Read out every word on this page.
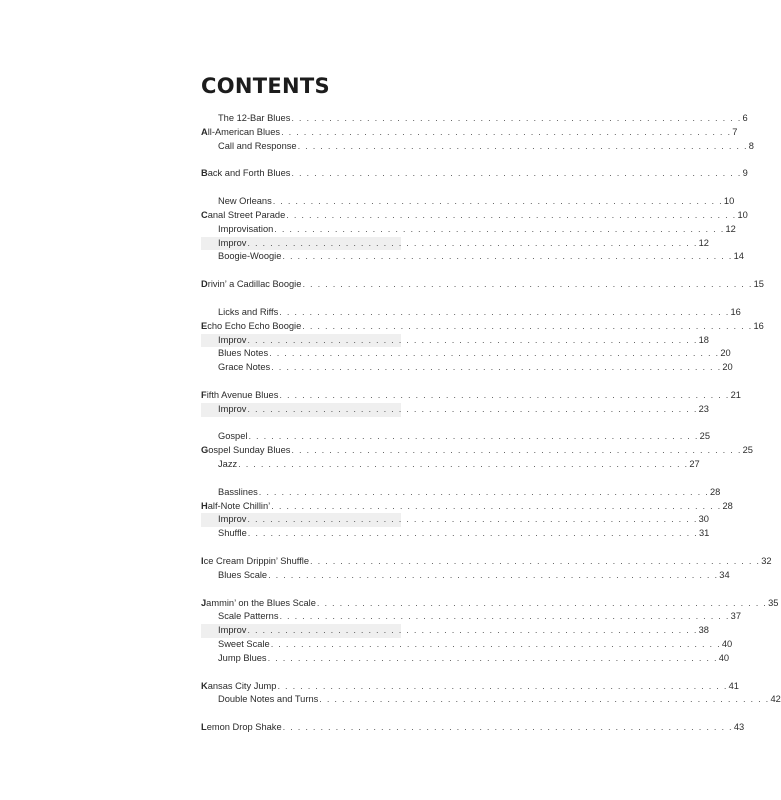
CONTENTS
The 12-Bar Blues . . . . . . . . . . . . . . . . . . . . . . . . . . . . . . . . . . . . . . . . . . . . . . . . . . . . . . . . . . . . 6
All-American Blues . . . . . . . . . . . . . . . . . . . . . . . . . . . . . . . . . . . . . . . . . . . . . . . . . . . . . . . . . . . . 7
Call and Response . . . . . . . . . . . . . . . . . . . . . . . . . . . . . . . . . . . . . . . . . . . . . . . . . . . . . . . . . . . . 8
Back and Forth Blues . . . . . . . . . . . . . . . . . . . . . . . . . . . . . . . . . . . . . . . . . . . . . . . . . . . . . . . . . . . . 9
New Orleans . . . . . . . . . . . . . . . . . . . . . . . . . . . . . . . . . . . . . . . . . . . . . . . . . . . . . . . . . . . . 10
Canal Street Parade . . . . . . . . . . . . . . . . . . . . . . . . . . . . . . . . . . . . . . . . . . . . . . . . . . . . . . . . . . . . 10
Improvisation . . . . . . . . . . . . . . . . . . . . . . . . . . . . . . . . . . . . . . . . . . . . . . . . . . . . . . . . . . . . 12
Improv . . . . . . . . . . . . . . . . . . . . . . . . . . . . . . . . . . . . . . . . . . . . . . . . . . . . . . . . . . . . 12
Boogie-Woogie . . . . . . . . . . . . . . . . . . . . . . . . . . . . . . . . . . . . . . . . . . . . . . . . . . . . . . . . . . . . 14
Drivin’ a Cadillac Boogie . . . . . . . . . . . . . . . . . . . . . . . . . . . . . . . . . . . . . . . . . . . . . . . . . . . . . . . . . . . . 15
Licks and Riffs . . . . . . . . . . . . . . . . . . . . . . . . . . . . . . . . . . . . . . . . . . . . . . . . . . . . . . . . . . . . 16
Echo Echo Echo Boogie . . . . . . . . . . . . . . . . . . . . . . . . . . . . . . . . . . . . . . . . . . . . . . . . . . . . . . . . . . . . 16
Improv . . . . . . . . . . . . . . . . . . . . . . . . . . . . . . . . . . . . . . . . . . . . . . . . . . . . . . . . . . . . 18
Blues Notes . . . . . . . . . . . . . . . . . . . . . . . . . . . . . . . . . . . . . . . . . . . . . . . . . . . . . . . . . . . . 20
Grace Notes . . . . . . . . . . . . . . . . . . . . . . . . . . . . . . . . . . . . . . . . . . . . . . . . . . . . . . . . . . . . 20
Fifth Avenue Blues . . . . . . . . . . . . . . . . . . . . . . . . . . . . . . . . . . . . . . . . . . . . . . . . . . . . . . . . . . . . 21
Improv . . . . . . . . . . . . . . . . . . . . . . . . . . . . . . . . . . . . . . . . . . . . . . . . . . . . . . . . . . . . 23
Gospel . . . . . . . . . . . . . . . . . . . . . . . . . . . . . . . . . . . . . . . . . . . . . . . . . . . . . . . . . . . . 25
Gospel Sunday Blues . . . . . . . . . . . . . . . . . . . . . . . . . . . . . . . . . . . . . . . . . . . . . . . . . . . . . . . . . . . . 25
Jazz . . . . . . . . . . . . . . . . . . . . . . . . . . . . . . . . . . . . . . . . . . . . . . . . . . . . . . . . . . . . 27
Basslines . . . . . . . . . . . . . . . . . . . . . . . . . . . . . . . . . . . . . . . . . . . . . . . . . . . . . . . . . . . . 28
Half-Note Chillin’ . . . . . . . . . . . . . . . . . . . . . . . . . . . . . . . . . . . . . . . . . . . . . . . . . . . . . . . . . . . . 28
Improv . . . . . . . . . . . . . . . . . . . . . . . . . . . . . . . . . . . . . . . . . . . . . . . . . . . . . . . . . . . . 30
Shuffle . . . . . . . . . . . . . . . . . . . . . . . . . . . . . . . . . . . . . . . . . . . . . . . . . . . . . . . . . . . . 31
Ice Cream Drippin’ Shuffle . . . . . . . . . . . . . . . . . . . . . . . . . . . . . . . . . . . . . . . . . . . . . . . . . . . . . . . . . . . . 32
Blues Scale . . . . . . . . . . . . . . . . . . . . . . . . . . . . . . . . . . . . . . . . . . . . . . . . . . . . . . . . . . . . 34
Jammin’ on the Blues Scale . . . . . . . . . . . . . . . . . . . . . . . . . . . . . . . . . . . . . . . . . . . . . . . . . . . . . . . . . . . . 35
Scale Patterns . . . . . . . . . . . . . . . . . . . . . . . . . . . . . . . . . . . . . . . . . . . . . . . . . . . . . . . . . . . . 37
Improv . . . . . . . . . . . . . . . . . . . . . . . . . . . . . . . . . . . . . . . . . . . . . . . . . . . . . . . . . . . . 38
Sweet Scale . . . . . . . . . . . . . . . . . . . . . . . . . . . . . . . . . . . . . . . . . . . . . . . . . . . . . . . . . . . . 40
Jump Blues . . . . . . . . . . . . . . . . . . . . . . . . . . . . . . . . . . . . . . . . . . . . . . . . . . . . . . . . . . . . 40
Kansas City Jump . . . . . . . . . . . . . . . . . . . . . . . . . . . . . . . . . . . . . . . . . . . . . . . . . . . . . . . . . . . . 41
Double Notes and Turns . . . . . . . . . . . . . . . . . . . . . . . . . . . . . . . . . . . . . . . . . . . . . . . . . . . . . . . . . . . . 42
Lemon Drop Shake . . . . . . . . . . . . . . . . . . . . . . . . . . . . . . . . . . . . . . . . . . . . . . . . . . . . . . . . . . . . 43
